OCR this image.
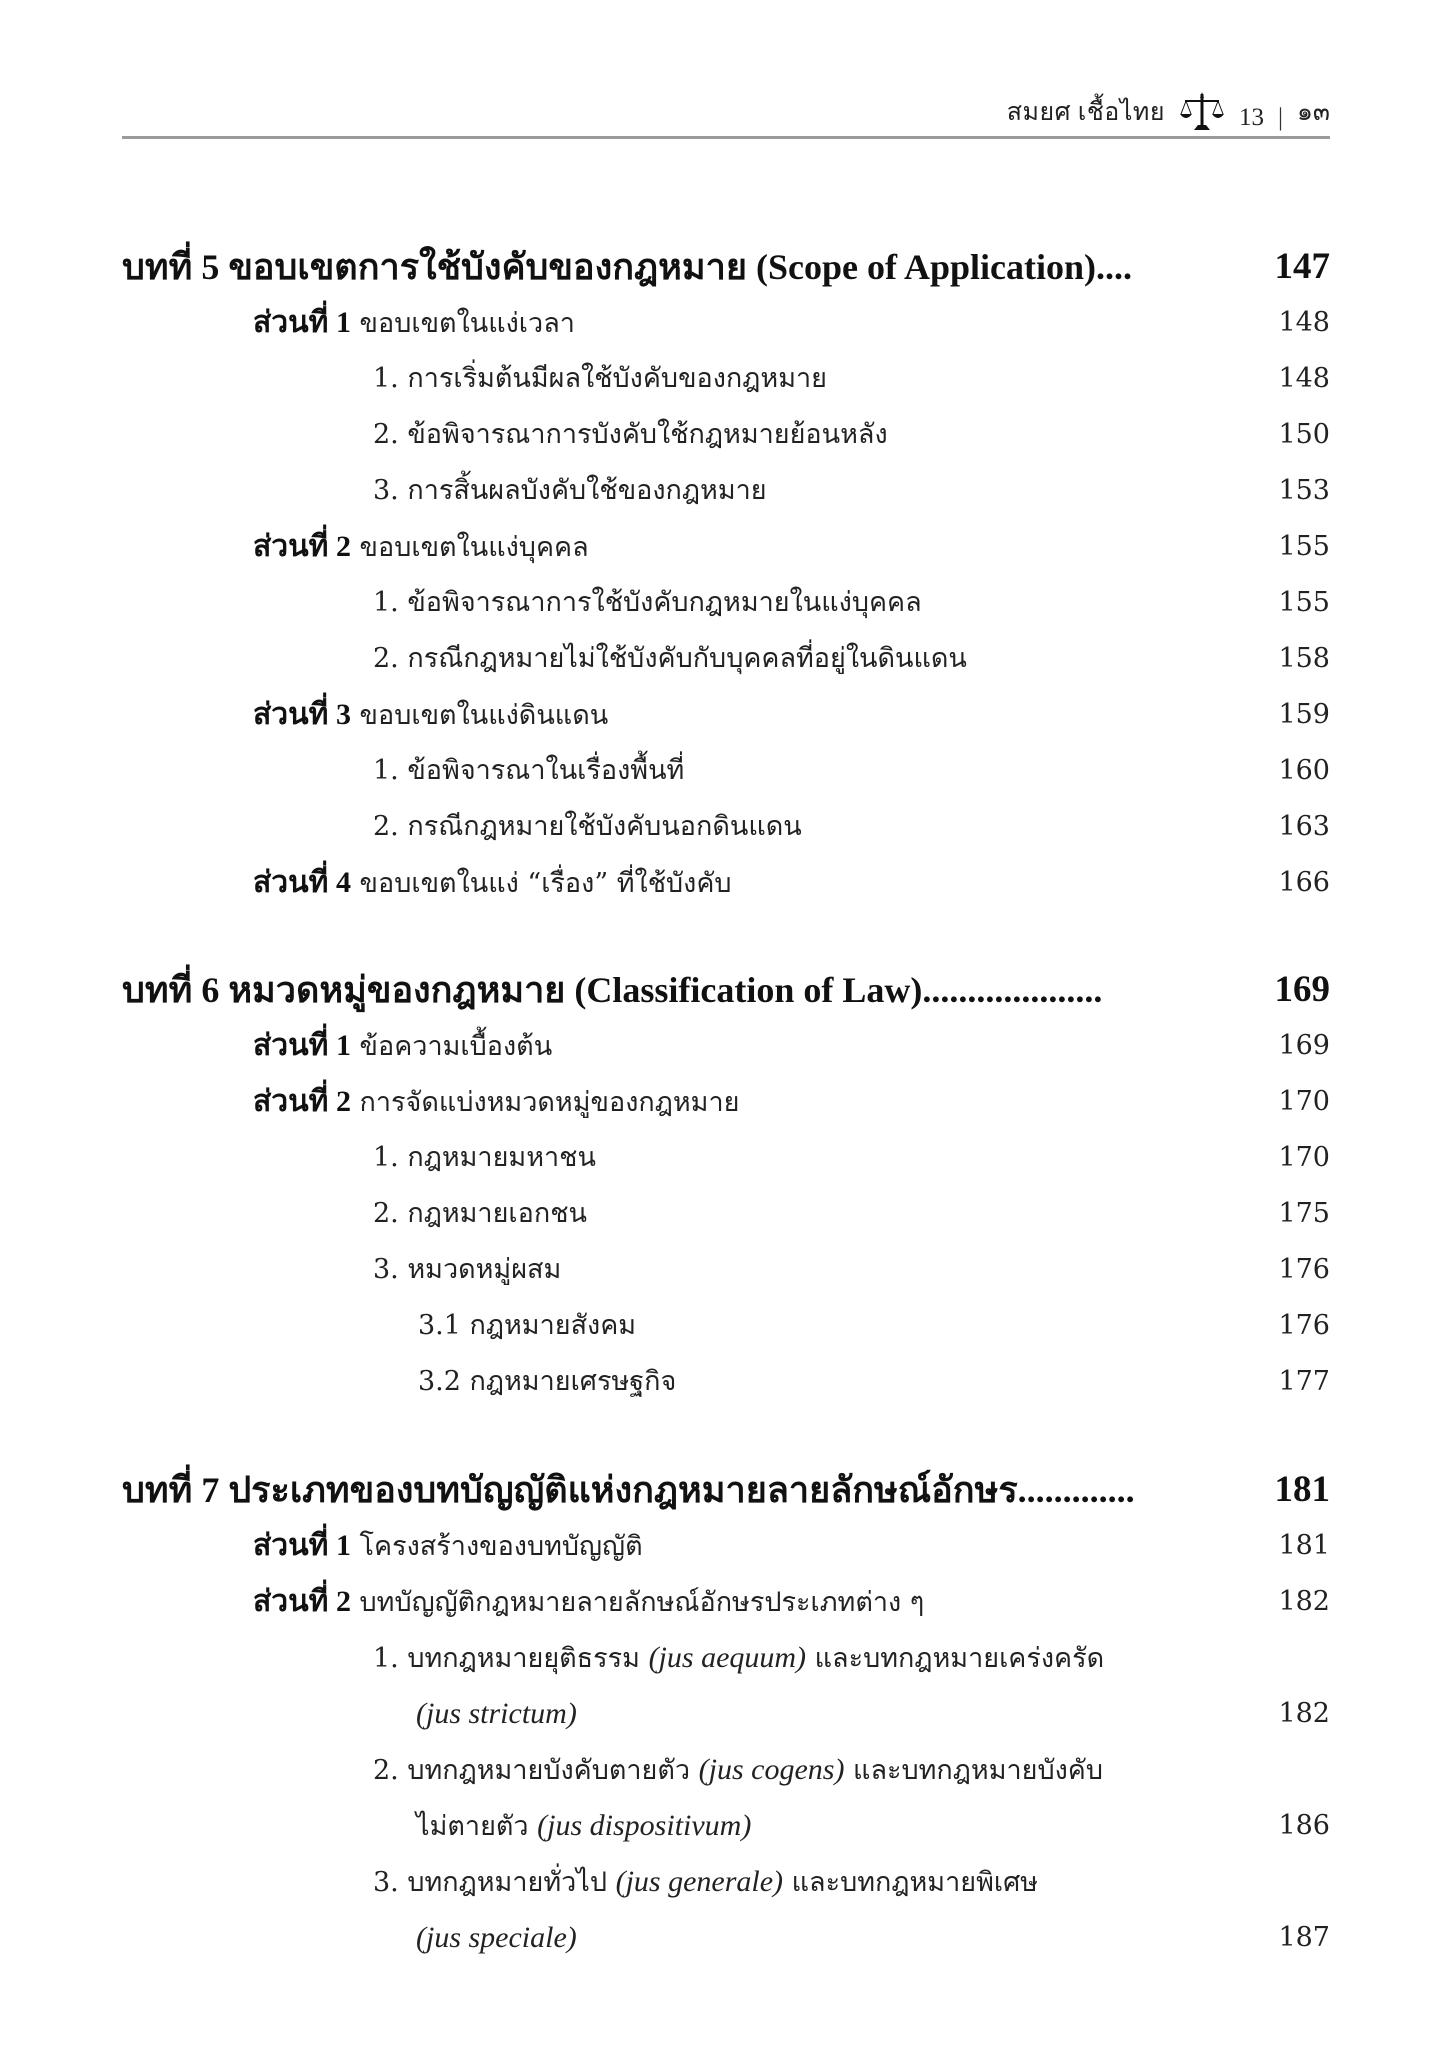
สมยศ เชื้อไทย	13 | ๑๓
บทที่ 5 ขอบเขตการใช้บังคับของกฎหมาย (Scope of Application)....	147
ส่วนที่ 1 ขอบเขตในแง่เวลา	148
1. การเริ่มต้นมีผลใช้บังคับของกฎหมาย	148
2. ข้อพิจารณาการบังคับใช้กฎหมายย้อนหลัง	150
3. การสิ้นผลบังคับใช้ของกฎหมาย	153
ส่วนที่ 2 ขอบเขตในแง่บุคคล	155
1. ข้อพิจารณาการใช้บังคับกฎหมายในแง่บุคคล	155
2. กรณีกฎหมายไม่ใช้บังคับกับบุคคลที่อยู่ในดินแดน	158
ส่วนที่ 3 ขอบเขตในแง่ดินแดน	159
1. ข้อพิจารณาในเรื่องพื้นที่	160
2. กรณีกฎหมายใช้บังคับนอกดินแดน	163
ส่วนที่ 4 ขอบเขตในแง่ “เรื่อง” ที่ใช้บังคับ	166
บทที่ 6 หมวดหมู่ของกฎหมาย (Classification of Law)....................	169
ส่วนที่ 1 ข้อความเบื้องต้น	169
ส่วนที่ 2 การจัดแบ่งหมวดหมู่ของกฎหมาย	170
1. กฎหมายมหาชน	170
2. กฎหมายเอกชน	175
3. หมวดหมู่ผสม	176
3.1 กฎหมายสังคม	176
3.2 กฎหมายเศรษฐกิจ	177
บทที่ 7 ประเภทของบทบัญญัติแห่งกฎหมายลายลักษณ์อักษร.............	181
ส่วนที่ 1 โครงสร้างของบทบัญญัติ	181
ส่วนที่ 2 บทบัญญัติกฎหมายลายลักษณ์อักษรประเภทต่าง ๆ	182
1. บทกฎหมายยุติธรรม (jus aequum) และบทกฎหมายเคร่งครัด
(jus strictum)	182
2. บทกฎหมายบังคับตายตัว (jus cogens) และบทกฎหมายบังคับ
ไม่ตายตัว (jus dispositivum)	186
3. บทกฎหมายทั่วไป (jus generale) และบทกฎหมายพิเศษ
(jus speciale)	187
